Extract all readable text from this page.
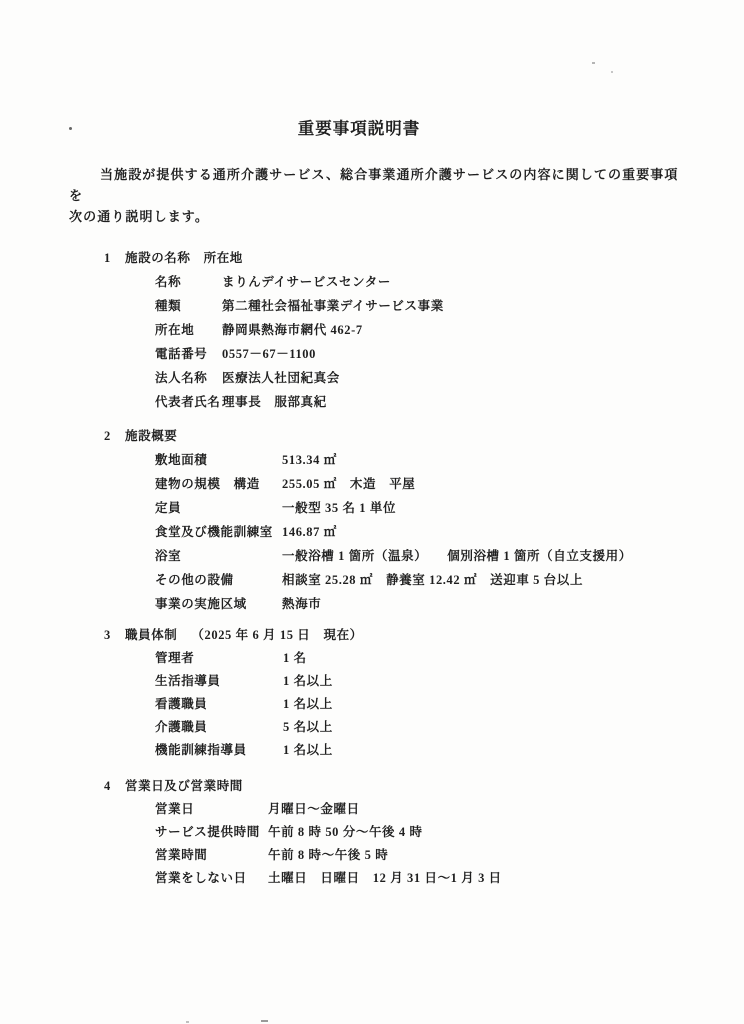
重要事項説明書
当施設が提供する通所介護サービス、総合事業通所介護サービスの内容に関しての重要事項
を
次の通り説明します。
1 施設の名称　所在地
名称	まりんデイサービスセンター
種類	第二種社会福祉事業デイサービス事業
所在地 静岡県熱海市網代 462-7
電話番号 0557－67－1100
法人名称 医療法人社団紀真会
代表者氏名理事長　服部真紀
2 施設概要
敷地面積	513.34 ㎡
建物の規模　構造 255.05 ㎡　木造　平屋
定員	一般型 35 名 1 単位
食堂及び機能訓練室 146.87 ㎡
浴室	一般浴槽 1 箇所（温泉）　　個別浴槽 1 箇所（自立支援用）
その他の設備	相談室 25.28 ㎡　静養室 12.42 ㎡　送迎車 5 台以上
事業の実施区域	熱海市
3 職員体制 （2025 年 6 月 15 日　現在）
管理者	1 名
生活指導員	1 名以上
看護職員	1 名以上
介護職員	5 名以上
機能訓練指導員	1 名以上
4 営業日及び営業時間
営業日	月曜日～金曜日
サービス提供時間 午前 8 時 50 分～午後 4 時
営業時間	午前 8 時～午後 5 時
営業をしない日 土曜日　日曜日　12 月 31 日～1 月 3 日
